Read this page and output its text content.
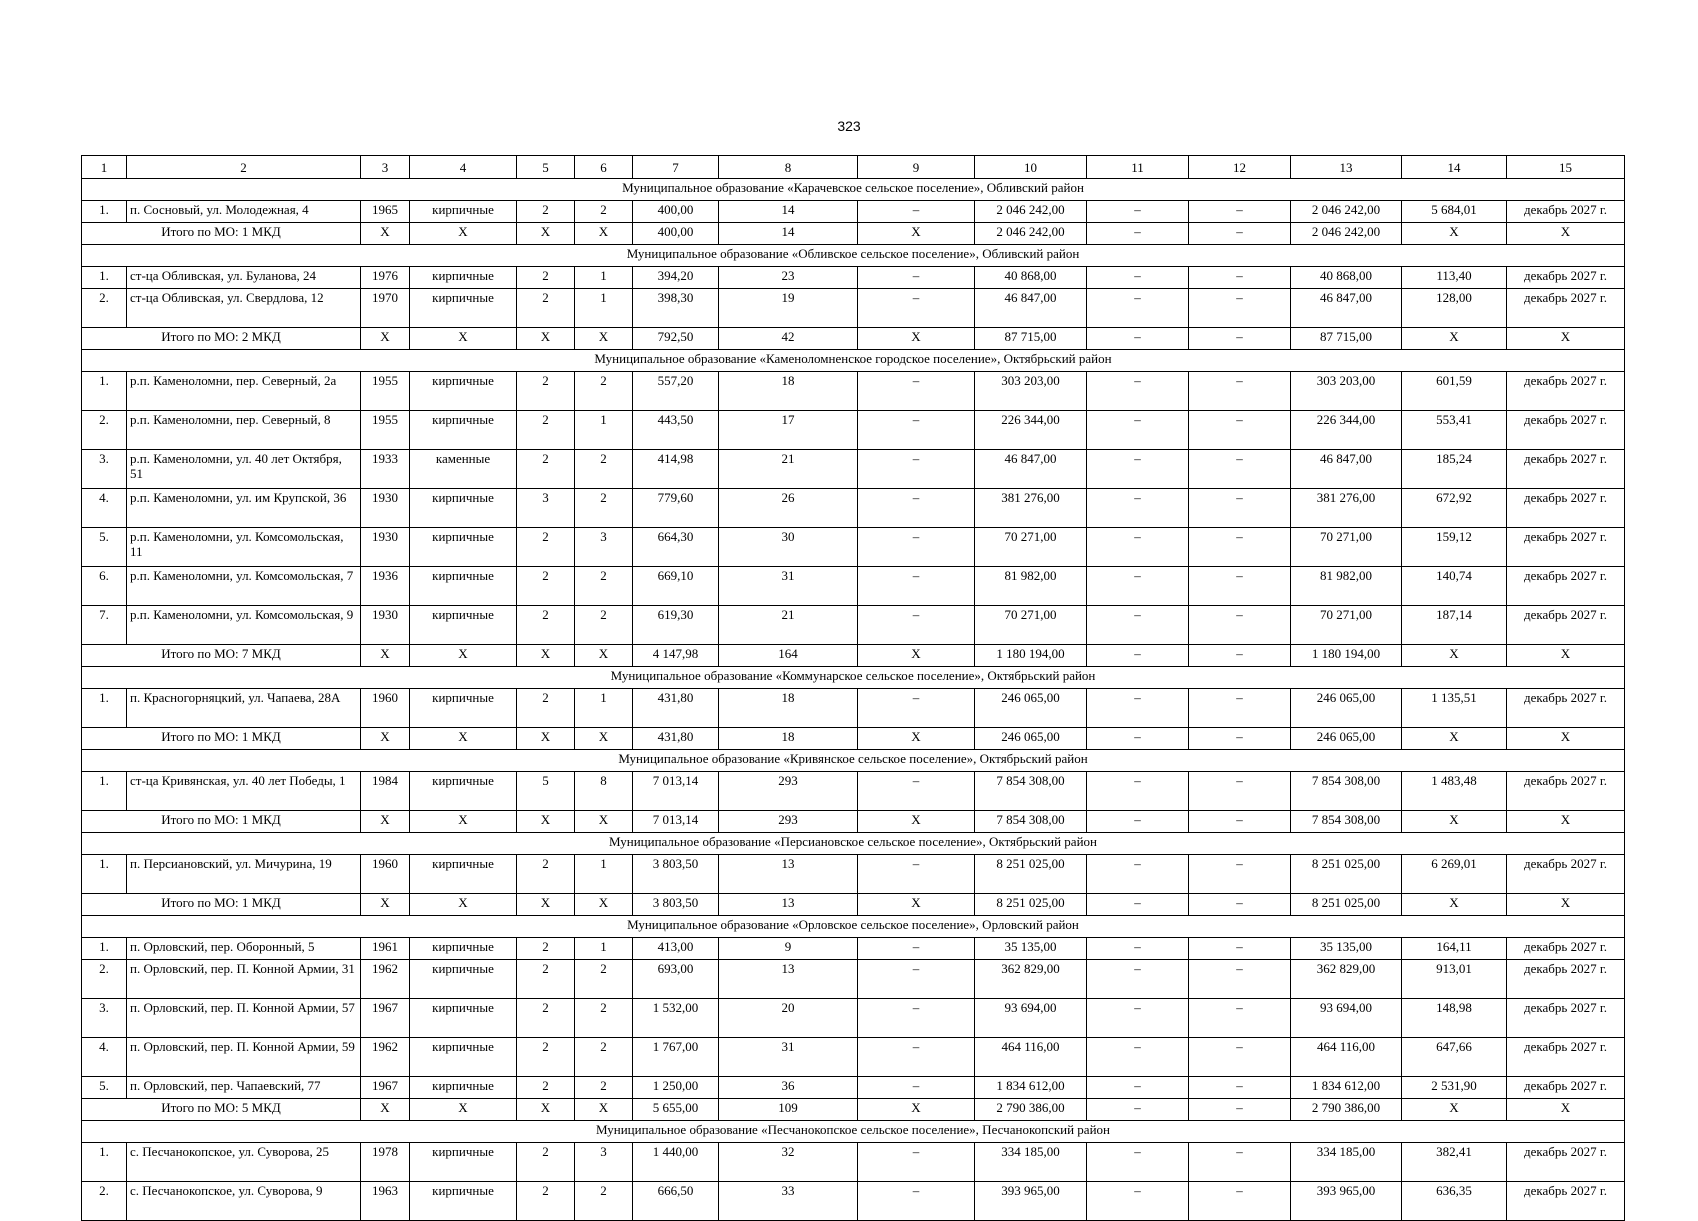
323
1	2	3	4	5	6	7	8	9	10	11	12	13	14	15
Муниципальное образование «Карачевское сельское поселение», Обливский район														
1.	п. Сосновый, ул. Молодежная, 4	1965	кирпичные	2	2	400,00	14	–	2 046 242,00	–	–	2 046 242,00	5 684,01	декабрь 2027 г.
Итого по МО: 1 МКД		X	X	X	X	400,00	14	X	2 046 242,00	–	–	2 046 242,00	X	X
Муниципальное образование «Обливское сельское поселение», Обливский район														
1.	ст-ца Обливская, ул. Буланова, 24	1976	кирпичные	2	1	394,20	23	–	40 868,00	–	–	40 868,00	113,40	декабрь 2027 г.
2.	ст-ца Обливская, ул. Свердлова, 12	1970	кирпичные	2	1	398,30	19	–	46 847,00	–	–	46 847,00	128,00	декабрь 2027 г.
Итого по МО: 2 МКД		X	X	X	X	792,50	42	X	87 715,00	–	–	87 715,00	X	X
Муниципальное образование «Каменоломненское городское поселение», Октябрьский район														
1.	р.п. Каменоломни, пер. Северный, 2а	1955	кирпичные	2	2	557,20	18	–	303 203,00	–	–	303 203,00	601,59	декабрь 2027 г.
2.	р.п. Каменоломни, пер. Северный, 8	1955	кирпичные	2	1	443,50	17	–	226 344,00	–	–	226 344,00	553,41	декабрь 2027 г.
3.	р.п. Каменоломни, ул. 40 лет Октября, 51	1933	каменные	2	2	414,98	21	–	46 847,00	–	–	46 847,00	185,24	декабрь 2027 г.
4.	р.п. Каменоломни, ул. им Крупской, 36	1930	кирпичные	3	2	779,60	26	–	381 276,00	–	–	381 276,00	672,92	декабрь 2027 г.
5.	р.п. Каменоломни, ул. Комсомольская, 11	1930	кирпичные	2	3	664,30	30	–	70 271,00	–	–	70 271,00	159,12	декабрь 2027 г.
6.	р.п. Каменоломни, ул. Комсомольская, 7	1936	кирпичные	2	2	669,10	31	–	81 982,00	–	–	81 982,00	140,74	декабрь 2027 г.
7.	р.п. Каменоломни, ул. Комсомольская, 9	1930	кирпичные	2	2	619,30	21	–	70 271,00	–	–	70 271,00	187,14	декабрь 2027 г.
Итого по МО: 7 МКД		X	X	X	X	4 147,98	164	X	1 180 194,00	–	–	1 180 194,00	X	X
Муниципальное образование «Коммунарское сельское поселение», Октябрьский район														
1.	п. Красногорняцкий, ул. Чапаева, 28А	1960	кирпичные	2	1	431,80	18	–	246 065,00	–	–	246 065,00	1 135,51	декабрь 2027 г.
Итого по МО: 1 МКД		X	X	X	X	431,80	18	X	246 065,00	–	–	246 065,00	X	X
Муниципальное образование «Кривянское сельское поселение», Октябрьский район														
1.	ст-ца Кривянская, ул. 40 лет Победы, 1	1984	кирпичные	5	8	7 013,14	293	–	7 854 308,00	–	–	7 854 308,00	1 483,48	декабрь 2027 г.
Итого по МО: 1 МКД		X	X	X	X	7 013,14	293	X	7 854 308,00	–	–	7 854 308,00	X	X
Муниципальное образование «Персиановское сельское поселение», Октябрьский район														
1.	п. Персиановский, ул. Мичурина, 19	1960	кирпичные	2	1	3 803,50	13	–	8 251 025,00	–	–	8 251 025,00	6 269,01	декабрь 2027 г.
Итого по МО: 1 МКД		X	X	X	X	3 803,50	13	X	8 251 025,00	–	–	8 251 025,00	X	X
Муниципальное образование «Орловское сельское поселение», Орловский район														
1.	п. Орловский, пер. Оборонный, 5	1961	кирпичные	2	1	413,00	9	–	35 135,00	–	–	35 135,00	164,11	декабрь 2027 г.
2.	п. Орловский, пер. П. Конной Армии, 31	1962	кирпичные	2	2	693,00	13	–	362 829,00	–	–	362 829,00	913,01	декабрь 2027 г.
3.	п. Орловский, пер. П. Конной Армии, 57	1967	кирпичные	2	2	1 532,00	20	–	93 694,00	–	–	93 694,00	148,98	декабрь 2027 г.
4.	п. Орловский, пер. П. Конной Армии, 59	1962	кирпичные	2	2	1 767,00	31	–	464 116,00	–	–	464 116,00	647,66	декабрь 2027 г.
5.	п. Орловский, пер. Чапаевский, 77	1967	кирпичные	2	2	1 250,00	36	–	1 834 612,00	–	–	1 834 612,00	2 531,90	декабрь 2027 г.
Итого по МО: 5 МКД		X	X	X	X	5 655,00	109	X	2 790 386,00	–	–	2 790 386,00	X	X
Муниципальное образование «Песчанокопское сельское поселение», Песчанокопский район														
1.	с. Песчанокопское, ул. Суворова, 25	1978	кирпичные	2	3	1 440,00	32	–	334 185,00	–	–	334 185,00	382,41	декабрь 2027 г.
2.	с. Песчанокопское, ул. Суворова, 9	1963	кирпичные	2	2	666,50	33	–	393 965,00	–	–	393 965,00	636,35	декабрь 2027 г.
